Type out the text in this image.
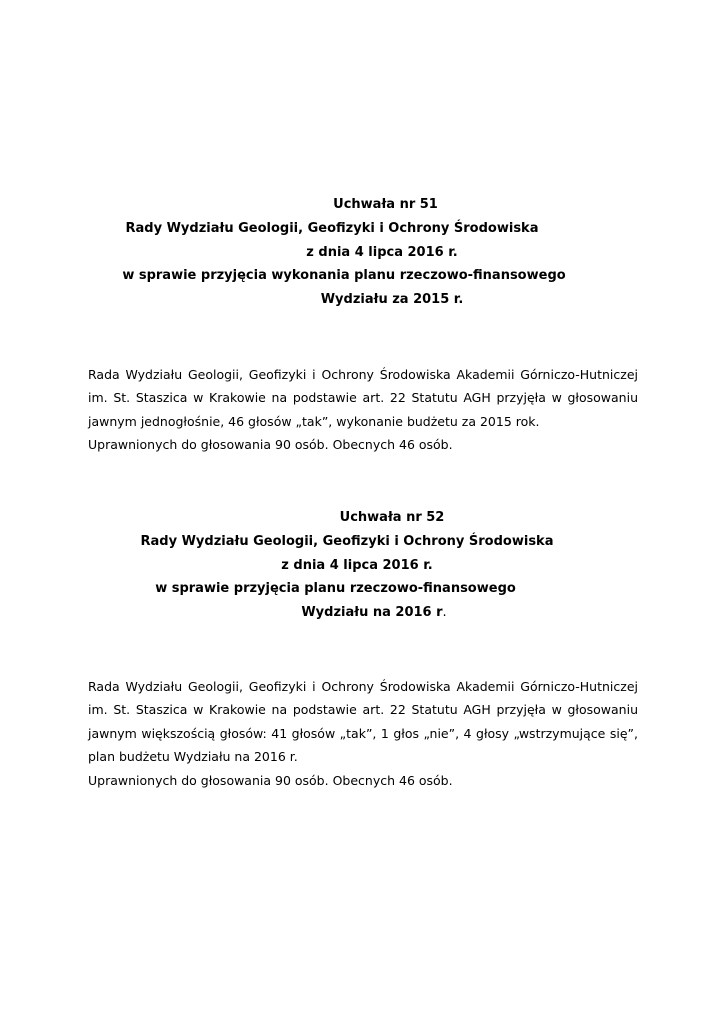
Uchwała nr 51
Rady Wydziału Geologii, Geofizyki i Ochrony Środowiska
z dnia 4 lipca 2016 r.
w sprawie przyjęcia wykonania planu rzeczowo-finansowego
Wydziału za 2015 r.
Rada Wydziału Geologii, Geofizyki i Ochrony Środowiska Akademii Górniczo-Hutniczej im. St. Staszica w Krakowie na podstawie art. 22 Statutu AGH przyjęła w głosowaniu jawnym jednogłośnie, 46 głosów „tak”, wykonanie budżetu za 2015 rok.
Uprawnionych do głosowania 90 osób. Obecnych 46 osób.
Uchwała nr 52
Rady Wydziału Geologii, Geofizyki i Ochrony Środowiska
z dnia 4 lipca 2016 r.
w sprawie przyjęcia planu rzeczowo-finansowego
Wydziału na 2016 r.
Rada Wydziału Geologii, Geofizyki i Ochrony Środowiska Akademii Górniczo-Hutniczej im. St. Staszica w Krakowie na podstawie art. 22 Statutu AGH przyjęła w głosowaniu jawnym większością głosów: 41 głosów „tak”, 1 głos „nie”, 4 głosy „wstrzymujące się”, plan budżetu Wydziału na 2016 r.
Uprawnionych do głosowania 90 osób. Obecnych 46 osób.
